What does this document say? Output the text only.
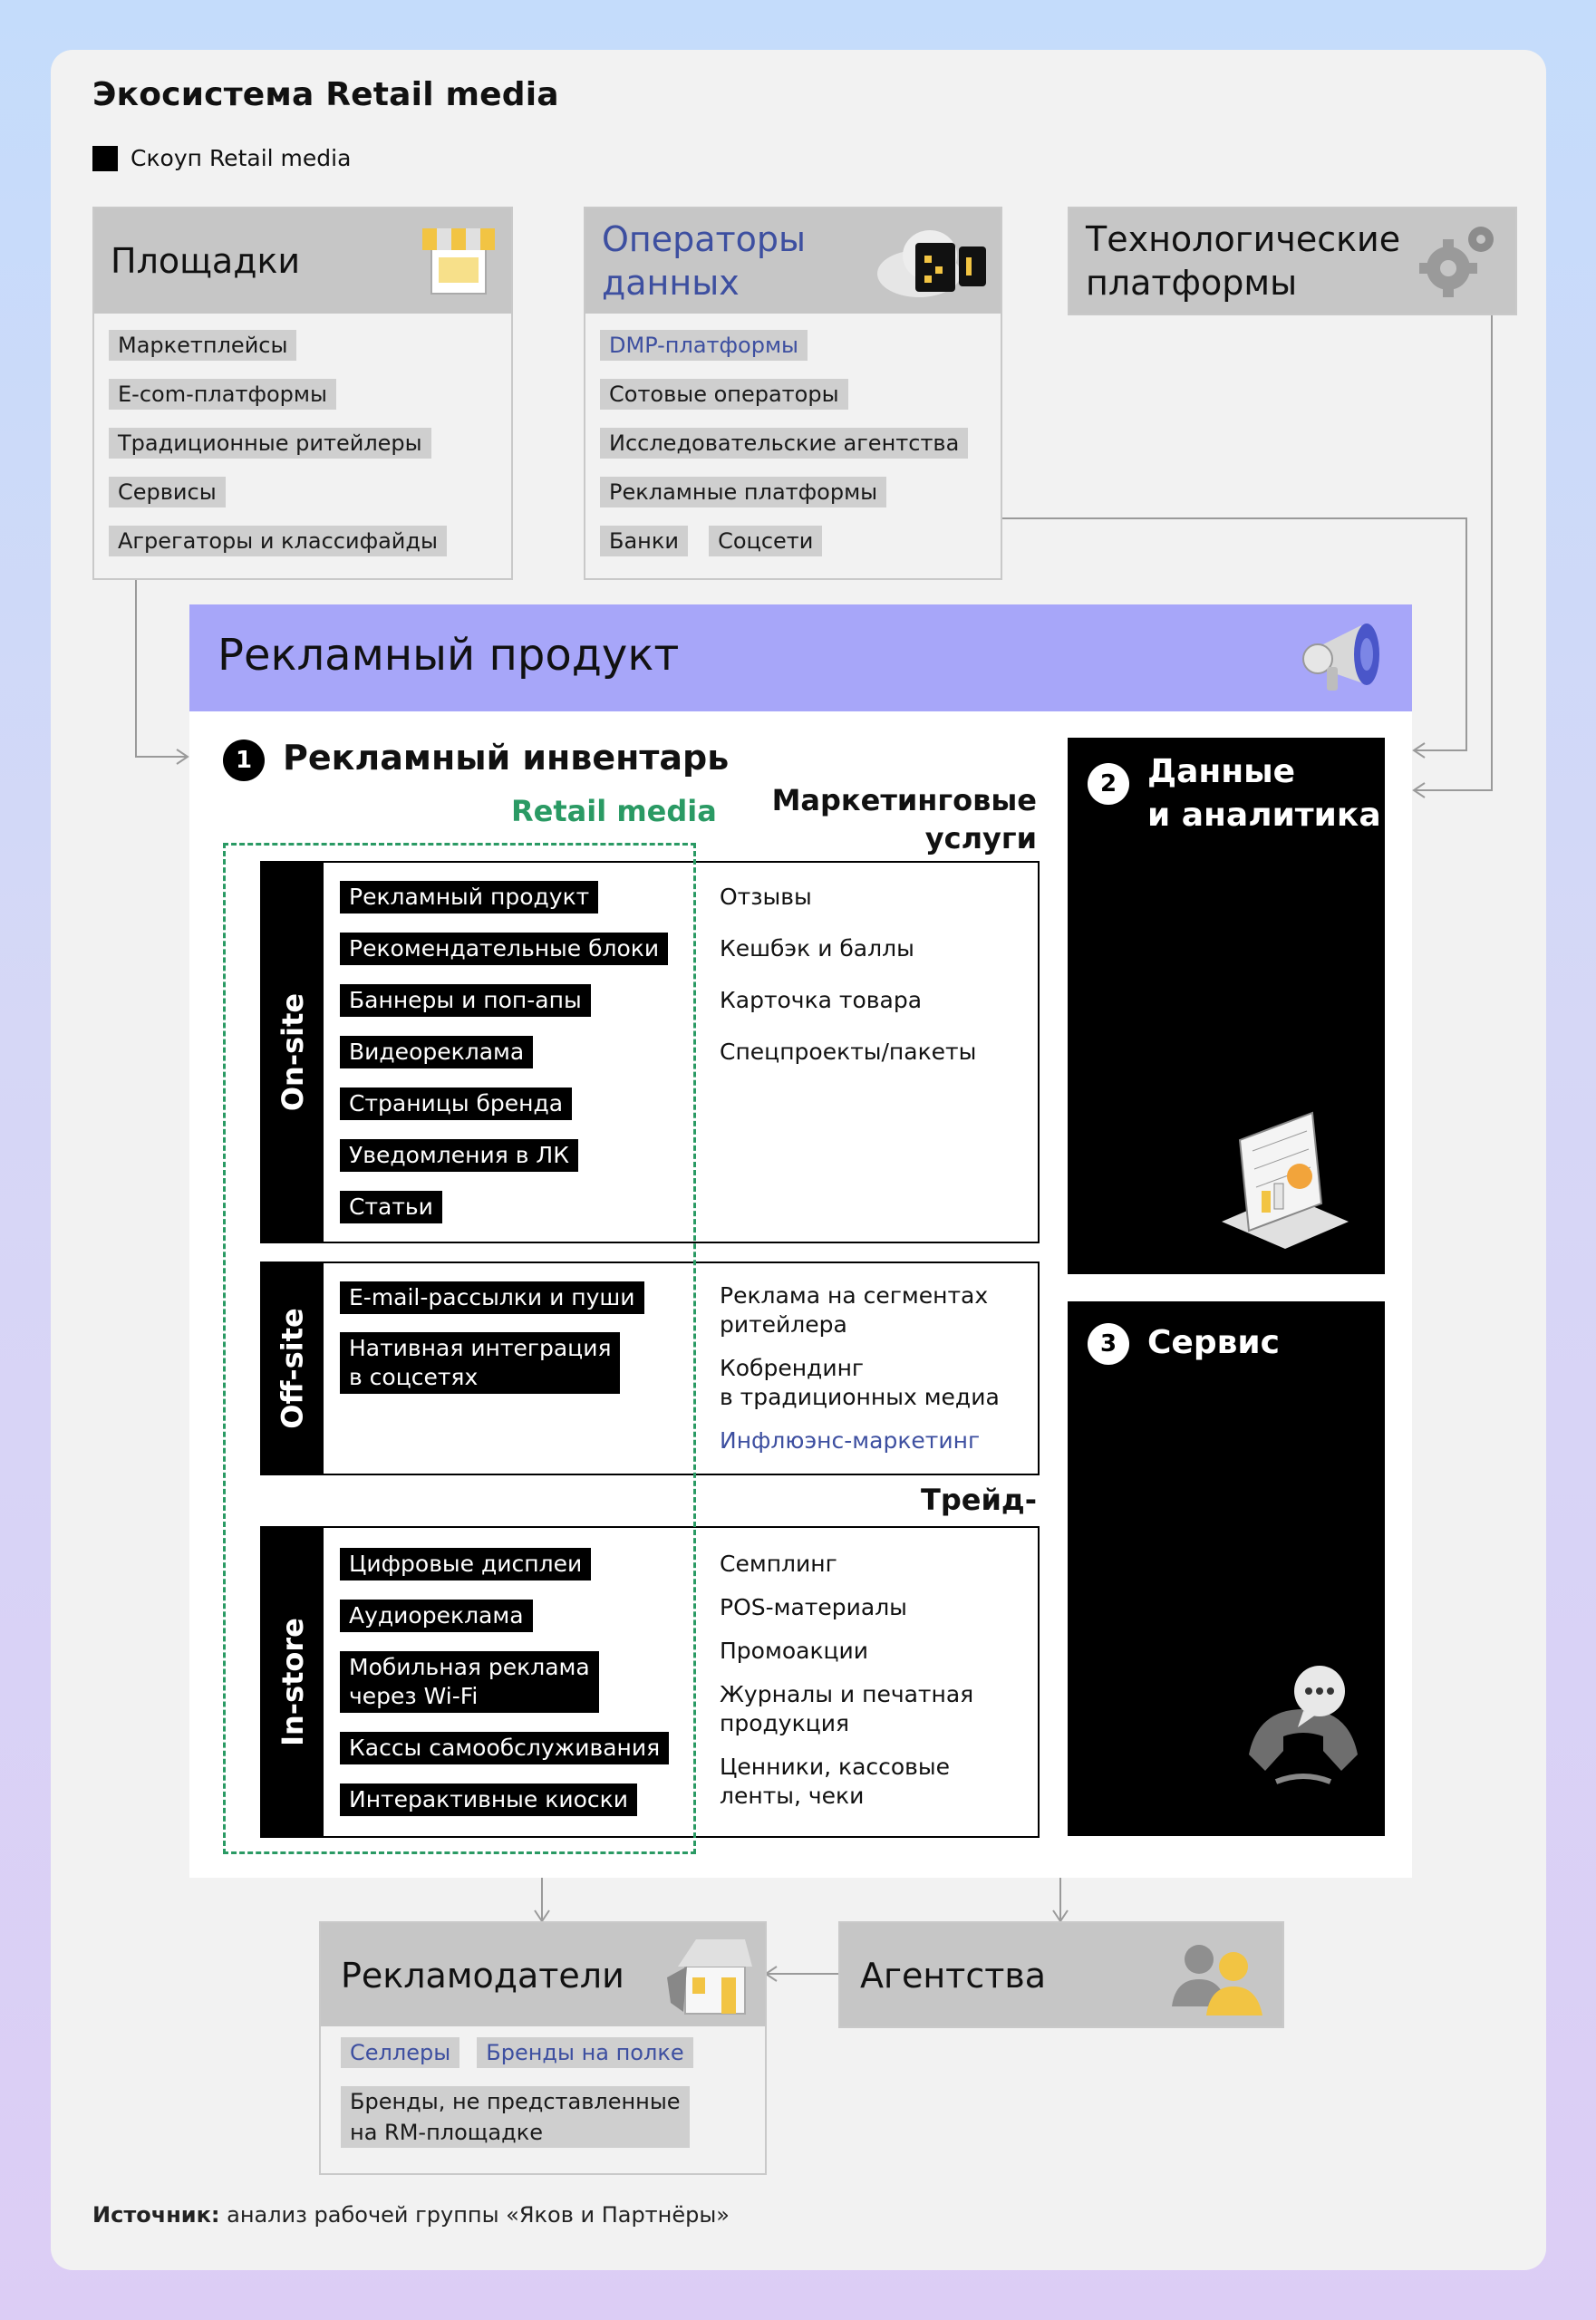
Экосистема Retail media
Скоуп Retail media
Площадки
Маркетплейсы
E-com-платформы
Традиционные ритейлеры
Сервисы
Агрегаторы и классифайды
Операторы
данных
DMP-платформы
Сотовые операторы
Исследовательские агентства
Рекламные платформы
Банки Соцсети
Технологические
платформы
Рекламный продукт
1 Рекламный инвентарь
Retail media	Маркетинговые
услуги
On-site
Рекламный продукт
Рекомендательные блоки
Баннеры и поп-апы
Видеореклама
Страницы бренда
Уведомления в ЛК
Статьи
Отзывы
Кешбэк и баллы
Карточка товара
Спецпроекты/пакеты
Off-site
E-mail-рассылки и пуши
Нативная интеграция
в соцсетях
Реклама на сегментах
ритейлера
Кобрендинг
в традиционных медиа
Инфлюэнс-маркетинг
Трейд-
In-store
Цифровые дисплеи
Аудиореклама
Мобильная реклама
через Wi-Fi
Кассы самообслуживания
Интерактивные киоски
Семплинг
POS-материалы
Промоакции
Журналы и печатная
продукция
Ценники, кассовые
ленты, чеки
2 Данные
и аналитика
3 Сервис
Рекламодатели
Селлеры Бренды на полке
Бренды, не представленные
на RM-площадке
Агентства
Источник: анализ рабочей группы «Яков и Партнёры»
